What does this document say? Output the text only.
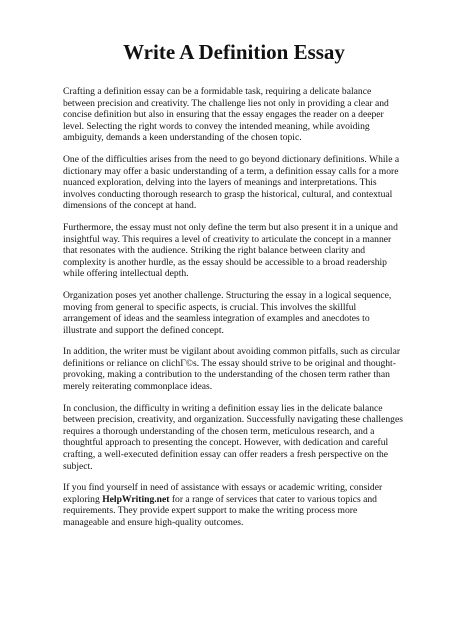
Write A Definition Essay

Crafting a definition essay can be a formidable task, requiring a delicate balance between precision and creativity. The challenge lies not only in providing a clear and concise definition but also in ensuring that the essay engages the reader on a deeper level. Selecting the right words to convey the intended meaning, while avoiding ambiguity, demands a keen understanding of the chosen topic.

One of the difficulties arises from the need to go beyond dictionary definitions. While a dictionary may offer a basic understanding of a term, a definition essay calls for a more nuanced exploration, delving into the layers of meanings and interpretations. This involves conducting thorough research to grasp the historical, cultural, and contextual dimensions of the concept at hand.

Furthermore, the essay must not only define the term but also present it in a unique and insightful way. This requires a level of creativity to articulate the concept in a manner that resonates with the audience. Striking the right balance between clarity and complexity is another hurdle, as the essay should be accessible to a broad readership while offering intellectual depth.

Organization poses yet another challenge. Structuring the essay in a logical sequence, moving from general to specific aspects, is crucial. This involves the skillful arrangement of ideas and the seamless integration of examples and anecdotes to illustrate and support the defined concept.

In addition, the writer must be vigilant about avoiding common pitfalls, such as circular definitions or reliance on clichГ©s. The essay should strive to be original and thought-provoking, making a contribution to the understanding of the chosen term rather than merely reiterating commonplace ideas.

In conclusion, the difficulty in writing a definition essay lies in the delicate balance between precision, creativity, and organization. Successfully navigating these challenges requires a thorough understanding of the chosen term, meticulous research, and a thoughtful approach to presenting the concept. However, with dedication and careful crafting, a well-executed definition essay can offer readers a fresh perspective on the subject.

If you find yourself in need of assistance with essays or academic writing, consider exploring HelpWriting.net for a range of services that cater to various topics and requirements. They provide expert support to make the writing process more manageable and ensure high-quality outcomes.
